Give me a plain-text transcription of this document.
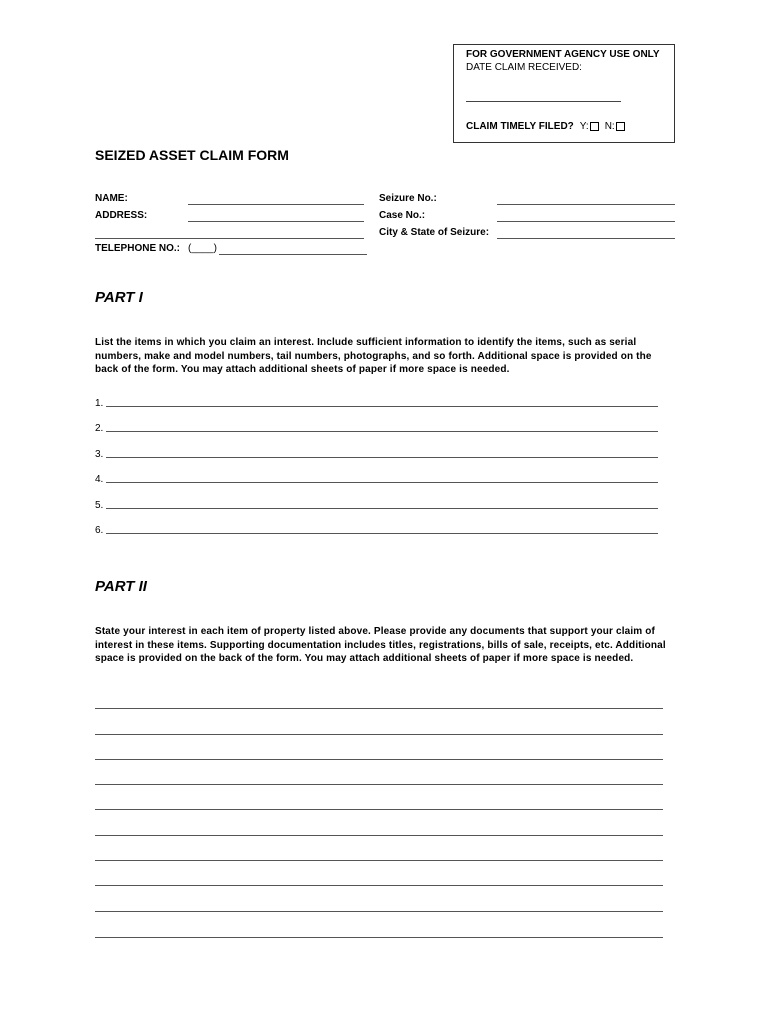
FOR GOVERNMENT AGENCY USE ONLY
DATE CLAIM RECEIVED:
CLAIM TIMELY FILED? Y: N:
SEIZED ASSET CLAIM FORM
NAME:
ADDRESS:
TELEPHONE NO.: (____)
Seizure No.:
Case No.:
City & State of Seizure:
PART I
List the items in which you claim an interest. Include sufficient information to identify the items, such as serial numbers, make and model numbers, tail numbers, photographs, and so forth. Additional space is provided on the back of the form. You may attach additional sheets of paper if more space is needed.
1.
2.
3.
4.
5.
6.
PART II
State your interest in each item of property listed above. Please provide any documents that support your claim of interest in these items. Supporting documentation includes titles, registrations, bills of sale, receipts, etc. Additional space is provided on the back of the form. You may attach additional sheets of paper if more space is needed.
